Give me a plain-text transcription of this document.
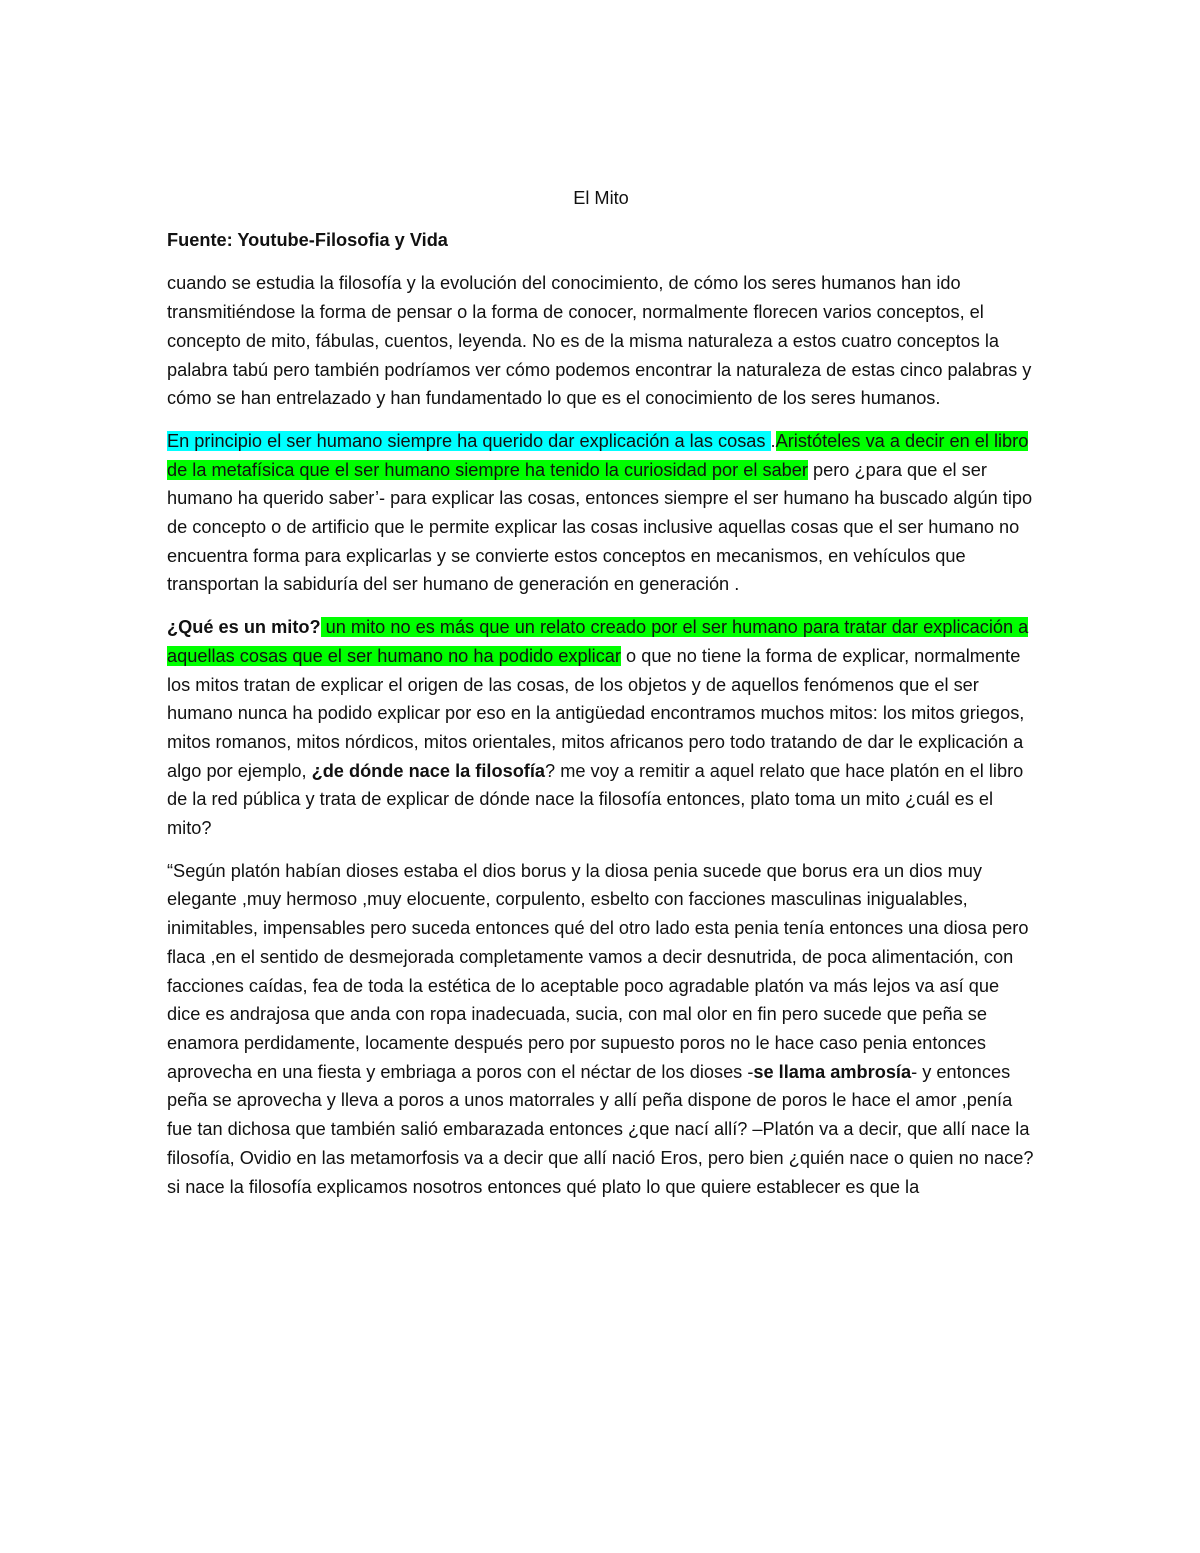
El Mito
Fuente: Youtube-Filosofia y Vida

cuando se estudia la filosofía y la evolución del conocimiento, de cómo los seres humanos han ido transmitiéndose la forma de pensar o la forma de conocer, normalmente florecen varios conceptos, el concepto de mito, fábulas, cuentos, leyenda. No es de la misma naturaleza a estos cuatro conceptos la palabra tabú pero también podríamos ver cómo podemos encontrar la naturaleza de estas cinco palabras y cómo se han entrelazado y han fundamentado lo que es el conocimiento de los seres humanos.

En principio el ser humano siempre ha querido dar explicación a las cosas .Aristóteles va a decir en el libro de la metafísica que el ser humano siempre ha tenido la curiosidad por el saber pero ¿para que el ser humano ha querido saber’- para explicar las cosas, entonces siempre el ser humano ha buscado algún tipo de concepto o de artificio que le permite explicar las cosas inclusive aquellas cosas que el ser humano no encuentra forma para explicarlas y se convierte estos conceptos en mecanismos, en vehículos que transportan la sabiduría del ser humano de generación en generación .

¿Qué es un mito? un mito no es más que un relato creado por el ser humano para tratar dar explicación a aquellas cosas que el ser humano no ha podido explicar o que no tiene la forma de explicar, normalmente los mitos tratan de explicar el origen de las cosas, de los objetos y de aquellos fenómenos que el ser humano nunca ha podido explicar por eso en la antigüedad encontramos muchos mitos: los mitos griegos, mitos romanos, mitos nórdicos, mitos orientales, mitos africanos pero todo tratando de dar le explicación a algo por ejemplo, ¿de dónde nace la filosofía? me voy a remitir a aquel relato que hace platón en el libro de la red pública y trata de explicar de dónde nace la filosofía entonces, plato toma un mito ¿cuál es el mito?

“Según platón habían dioses estaba el dios borus y la diosa penia sucede que borus era un dios muy elegante ,muy hermoso ,muy elocuente, corpulento, esbelto con facciones masculinas inigualables, inimitables, impensables pero suceda entonces qué del otro lado esta penia tenía entonces una diosa pero flaca ,en el sentido de desmejorada completamente vamos a decir desnutrida, de poca alimentación, con facciones caídas, fea de toda la estética de lo aceptable poco agradable platón va más lejos va así que dice es andrajosa que anda con ropa inadecuada, sucia, con mal olor en fin pero sucede que peña se enamora perdidamente, locamente después pero por supuesto poros no le hace caso penia entonces aprovecha en una fiesta y embriaga a poros con el néctar de los dioses -se llama ambrosía- y entonces peña se aprovecha y lleva a poros a unos matorrales y allí peña dispone de poros le hace el amor ,penía fue tan dichosa que también salió embarazada entonces ¿que nací allí? –Platón va a decir, que allí nace la filosofía, Ovidio en las metamorfosis va a decir que allí nació Eros, pero bien ¿quién nace o quien no nace? si nace la filosofía explicamos nosotros entonces qué plato lo que quiere establecer es que la
